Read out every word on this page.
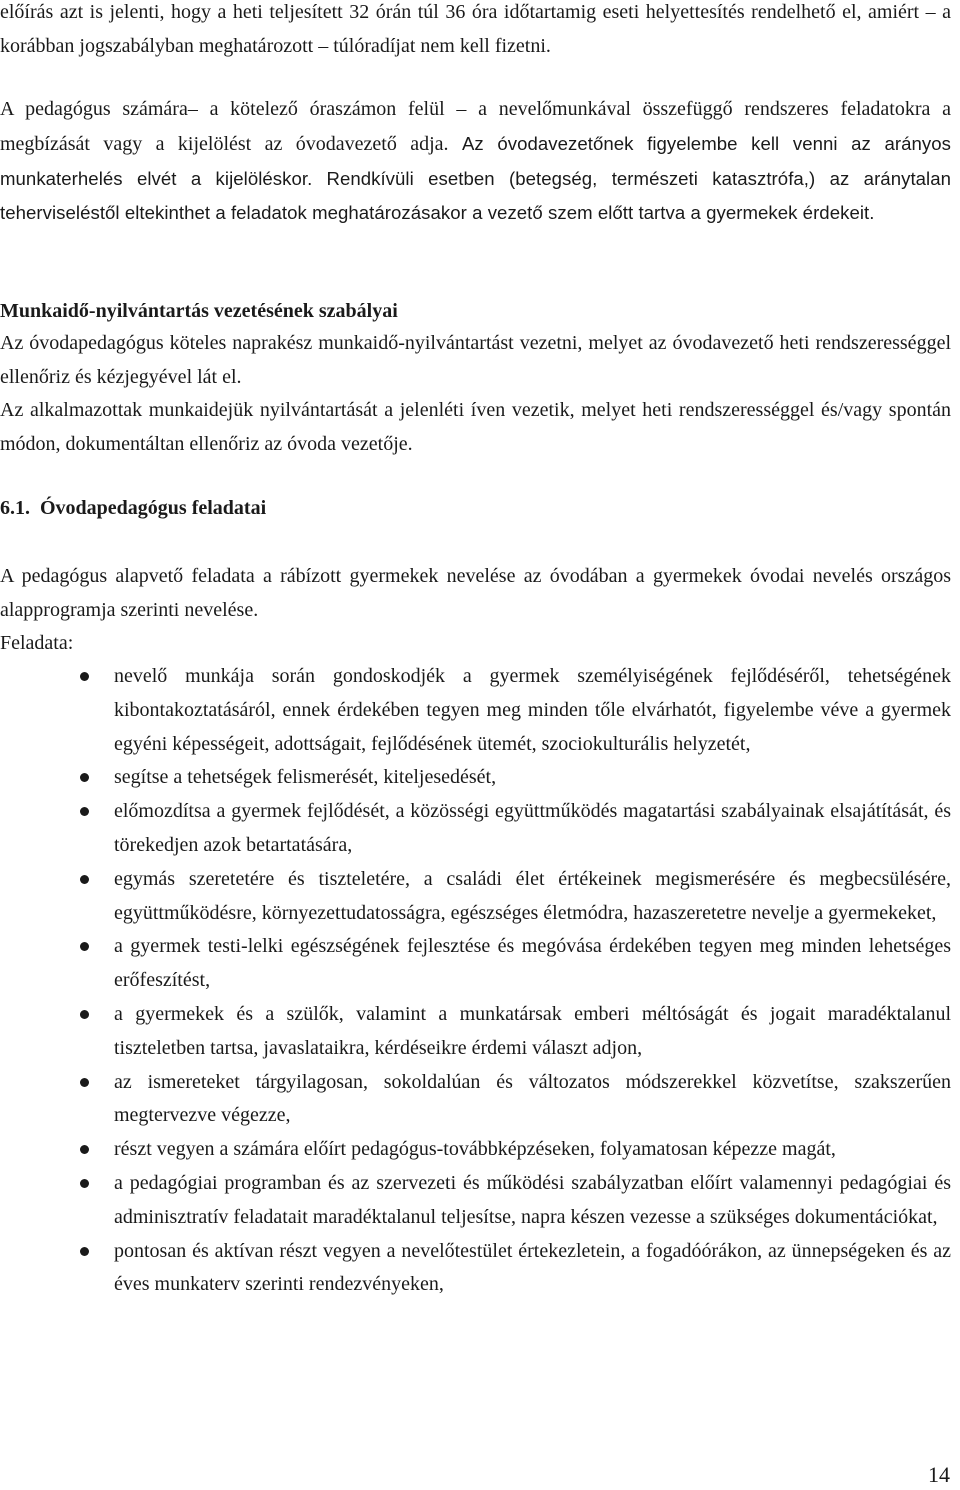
előírás azt is jelenti, hogy a heti teljesített 32 órán túl 36 óra időtartamig eseti helyettesítés rendelhető el, amiért – a korábban jogszabályban meghatározott – túlóradíjat nem kell fizetni.

A pedagógus számára– a kötelező óraszámon felül – a nevelőmunkával összefüggő rendszeres feladatokra a megbízását vagy a kijelölést az óvodavezető adja. Az óvodavezetőnek figyelembe kell venni az arányos munkaterhelés elvét a kijelöléskor. Rendkívüli esetben (betegség, természeti katasztrófa,) az aránytalan teherviseléstől eltekinthet a feladatok meghatározásakor a vezető szem előtt tartva a gyermekek érdekeit.

Munkaidő-nyilvántartás vezetésének szabályai

Az óvodapedagógus köteles naprakész munkaidő-nyilvántartást vezetni, melyet az óvodavezető heti rendszerességgel ellenőriz és kézjegyével lát el.

Az alkalmazottak munkaidejük nyilvántartását a jelenléti íven vezetik, melyet heti rendszerességgel és/vagy spontán módon, dokumentáltan ellenőriz az óvoda vezetője.

6.1. Óvodapedagógus feladatai

A pedagógus alapvető feladata a rábízott gyermekek nevelése az óvodában a gyermekek óvodai nevelés országos alapprogramja szerinti nevelése.

Feladata:

nevelő munkája során gondoskodjék a gyermek személyiségének fejlődéséről, tehetségének kibontakoztatásáról, ennek érdekében tegyen meg minden tőle elvárhatót, figyelembe véve a gyermek egyéni képességeit, adottságait, fejlődésének ütemét, szociokulturális helyzetét,
segítse a tehetségek felismerését, kiteljesedését,
előmozdítsa a gyermek fejlődését, a közösségi együttműködés magatartási szabályainak elsajátítását, és törekedjen azok betartatására,
egymás szeretetére és tiszteletére, a családi élet értékeinek megismerésére és megbecsülésére, együttműködésre, környezettudatosságra, egészséges életmódra, hazaszeretetre nevelje a gyermekeket,
a gyermek testi-lelki egészségének fejlesztése és megóvása érdekében tegyen meg minden lehetséges erőfeszítést,
a gyermekek és a szülők, valamint a munkatársak emberi méltóságát és jogait maradéktalanul tiszteletben tartsa, javaslataikra, kérdéseikre érdemi választ adjon,
az ismereteket tárgyilagosan, sokoldalúan és változatos módszerekkel közvetítse, szakszerűen megtervezve végezze,
részt vegyen a számára előírt pedagógus-továbbképzéseken, folyamatosan képezze magát,
a pedagógiai programban és az szervezeti és működési szabályzatban előírt valamennyi pedagógiai és adminisztratív feladatait maradéktalanul teljesítse, napra készen vezesse a szükséges dokumentációkat,
pontosan és aktívan részt vegyen a nevelőtestület értekezletein, a fogadóórákon, az ünnepségeken és az éves munkaterv szerinti rendezvényeken,
14
